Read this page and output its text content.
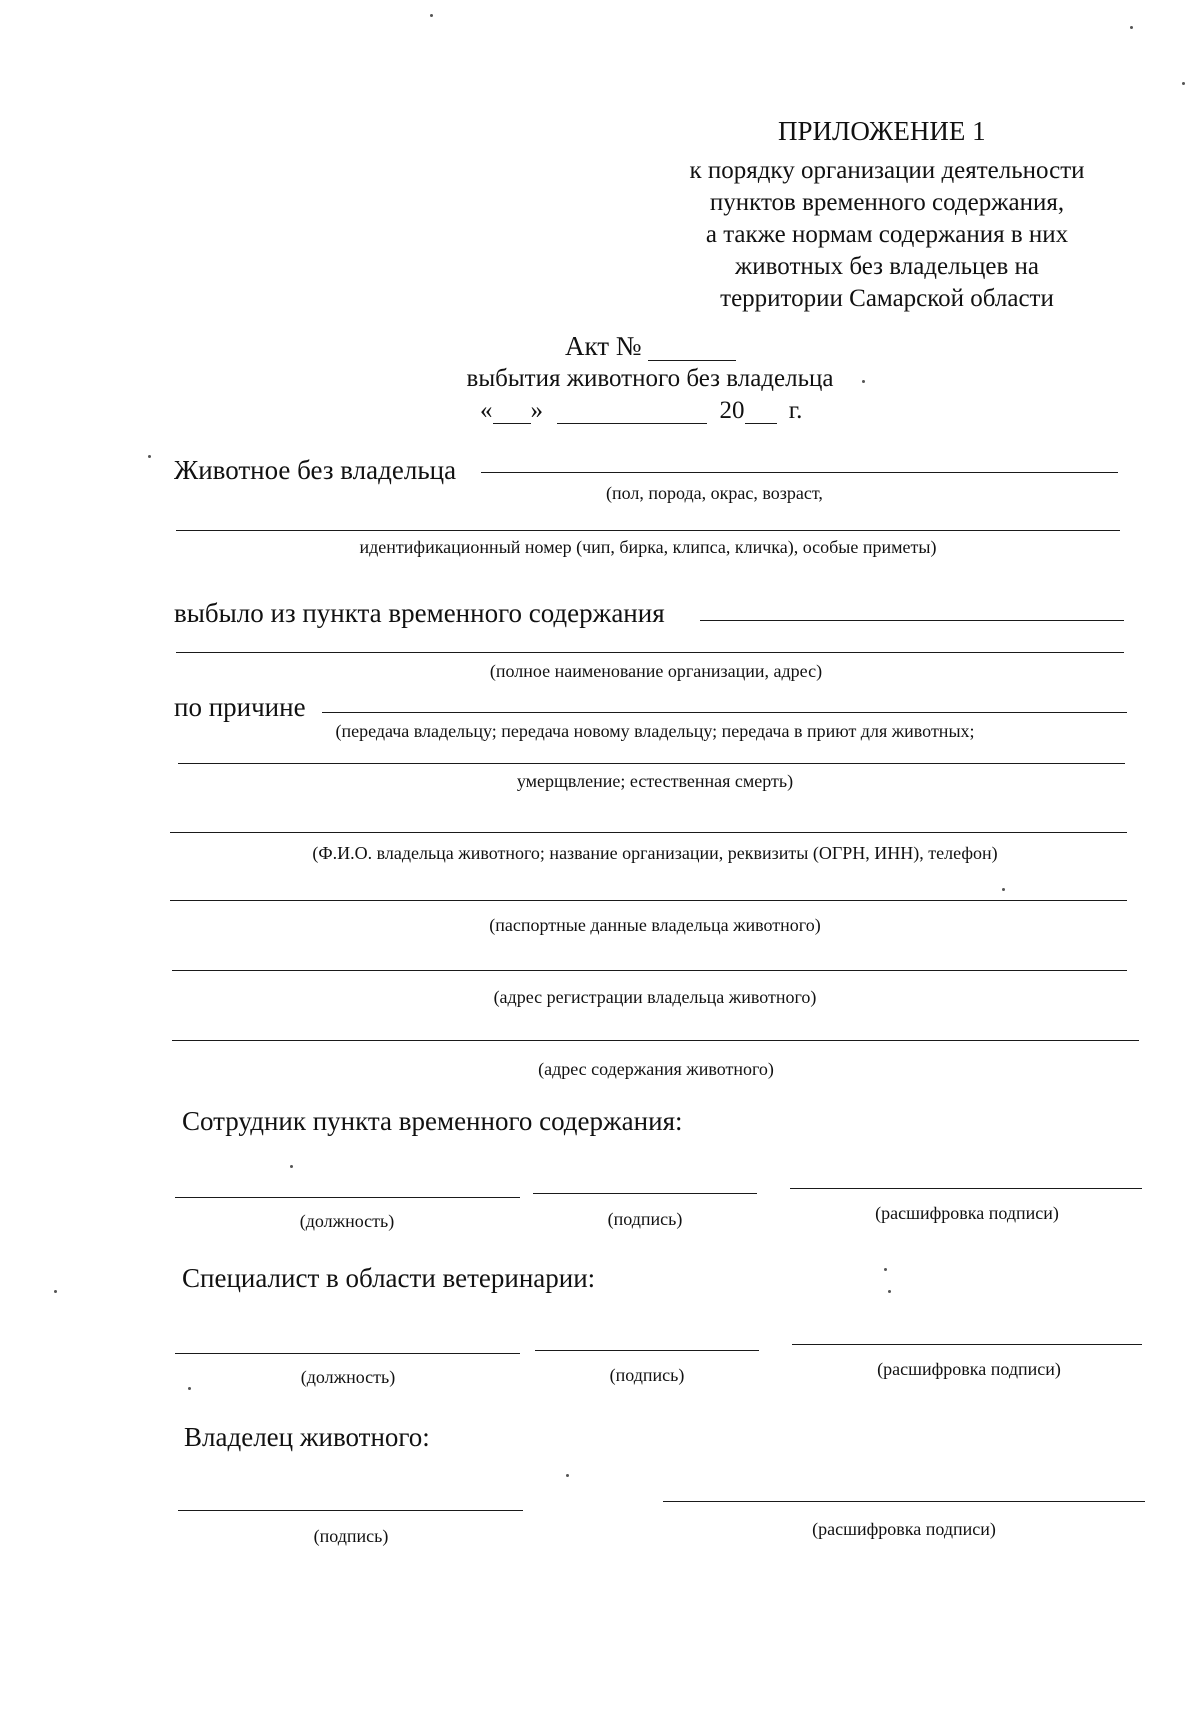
ПРИЛОЖЕНИЕ 1
к порядку организации деятельности
пунктов временного содержания,
а также нормам содержания в них
животных без владельцев на
территории Самарской области
Акт №
выбытия животного без владельца
« »	20 г.
Животное без владельца
(пол, порода, окрас, возраст,
идентификационный номер (чип, бирка, клипса, кличка), особые приметы)
выбыло из пункта временного содержания
(полное наименование организации, адрес)
по причине
(передача владельцу; передача новому владельцу; передача в приют для животных;
умерщвление; естественная смерть)
(Ф.И.О. владельца животного; название организации, реквизиты (ОГРН, ИНН), телефон)
(паспортные данные владельца животного)
(адрес регистрации владельца животного)
(адрес содержания животного)
Сотрудник пункта временного содержания:
(должность)	(подпись)	(расшифровка подписи)
Специалист в области ветеринарии:
(должность)	(подпись)	(расшифровка подписи)
Владелец животного:
(подпись)	(расшифровка подписи)
